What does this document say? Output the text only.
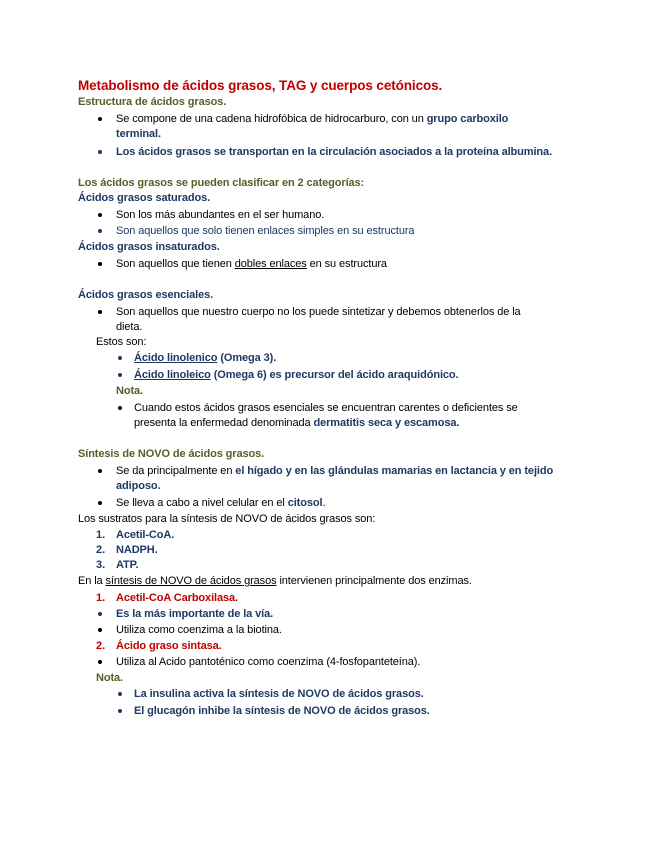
Metabolismo de ácidos grasos, TAG y cuerpos cetónicos.
Estructura de ácidos grasos.
Se compone de una cadena hidrofóbica de hidrocarburo, con un grupo carboxilo
terminal.
Los ácidos grasos se transportan en la circulación asociados a la proteína albumina.
Los ácidos grasos se pueden clasificar en 2 categorías:
Ácidos grasos saturados.
Son los más abundantes en el ser humano.
Son aquellos que solo tienen enlaces simples en su estructura
Ácidos grasos insaturados.
Son aquellos que tienen dobles enlaces en su estructura
Ácidos grasos esenciales.
Son aquellos que nuestro cuerpo no los puede sintetizar y debemos obtenerlos de la
dieta.
Estos son:
Ácido linolenico (Omega 3).
Ácido linoleico (Omega 6) es precursor del ácido araquidónico.
Nota.
Cuando estos ácidos grasos esenciales se encuentran carentes o deficientes se
presenta la enfermedad denominada dermatitis seca y escamosa.
Síntesis de NOVO de ácidos grasos.
Se da principalmente en el hígado y en las glándulas mamarias en lactancia y en tejido
adiposo.
Se lleva a cabo a nivel celular en el citosol.
Los sustratos para la síntesis de NOVO de ácidos grasos son:
1. Acetil-CoA.
2. NADPH.
3. ATP.
En la síntesis de NOVO de ácidos grasos intervienen principalmente dos enzimas.
1. Acetil-CoA Carboxilasa.
Es la más importante de la vía.
Utiliza como coenzima a la biotina.
2. Ácido graso sintasa.
Utiliza al Acido pantoténico como coenzima (4-fosfopanteteína).
Nota.
La insulina activa la síntesis de NOVO de ácidos grasos.
El glucagón inhibe la síntesis de NOVO de ácidos grasos.
